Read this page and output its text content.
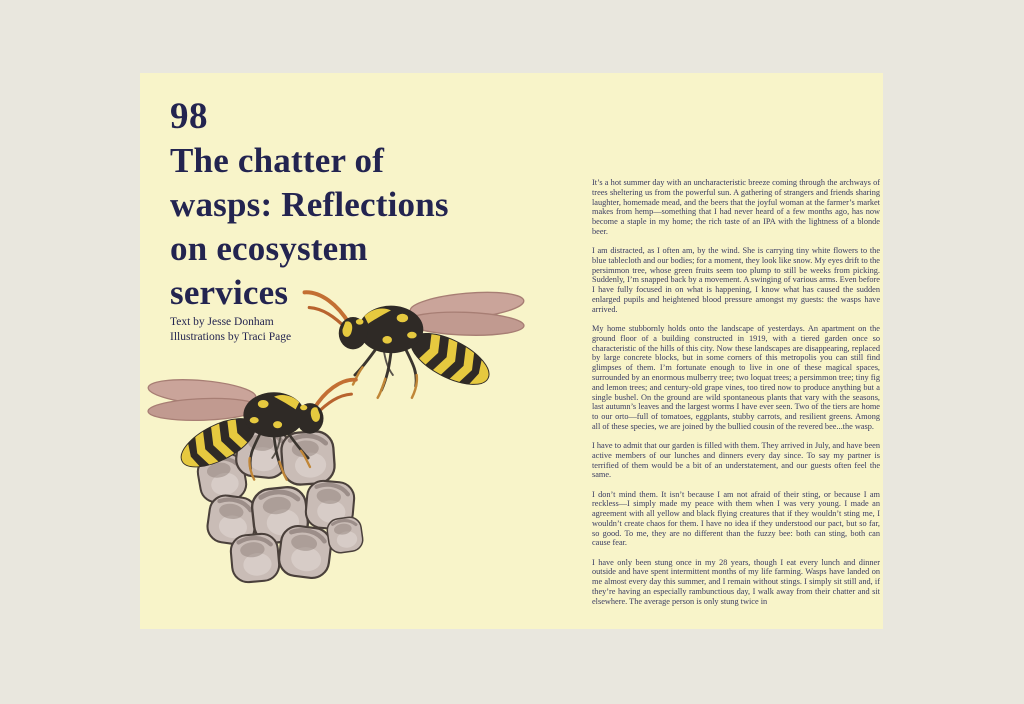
98
The chatter of
wasps: Reflections
on ecosystem
services
Text by Jesse Donham
Illustrations by Traci Page

It’s a hot summer day with an uncharacteristic breeze coming through the archways of trees sheltering us from the powerful sun. A gathering of strangers and friends sharing laughter, homemade mead, and the beers that the joyful woman at the farmer’s market makes from hemp—something that I had never heard of a few months ago, has now become a staple in my home; the rich taste of an IPA with the lightness of a blonde beer.

I am distracted, as I often am, by the wind. She is carrying tiny white flowers to the blue tablecloth and our bodies; for a moment, they look like snow. My eyes drift to the persimmon tree, whose green fruits seem too plump to still be weeks from picking. Suddenly, I’m snapped back by a movement. A swinging of various arms. Even before I have fully focused in on what is happening, I know what has caused the sudden enlarged pupils and heightened blood pressure amongst my guests: the wasps have arrived.

My home stubbornly holds onto the landscape of yesterdays. An apartment on the ground floor of a building constructed in 1919, with a tiered garden once so characteristic of the hills of this city. Now these landscapes are disappearing, replaced by large concrete blocks, but in some corners of this metropolis you can still find glimpses of them. I’m fortunate enough to live in one of these magical spaces, surrounded by an enormous mulberry tree; two loquat trees; a persimmon tree; tiny fig and lemon trees; and century-old grape vines, too tired now to produce anything but a single bushel. On the ground are wild spontaneous plants that vary with the seasons, last autumn’s leaves and the largest worms I have ever seen. Two of the tiers are home to our orto—full of tomatoes, eggplants, stubby carrots, and resilient greens. Among all of these species, we are joined by the bullied cousin of the revered bee...the wasp.

I have to admit that our garden is filled with them. They arrived in July, and have been active members of our lunches and dinners every day since. To say my partner is terrified of them would be a bit of an understatement, and our guests often feel the same.

I don’t mind them. It isn’t because I am not afraid of their sting, or because I am reckless—I simply made my peace with them when I was very young. I made an agreement with all yellow and black flying creatures that if they wouldn’t sting me, I wouldn’t create chaos for them. I have no idea if they understood our pact, but so far, so good. To me, they are no different than the fuzzy bee: both can sting, both can cause fear.

I have only been stung once in my 28 years, though I eat every lunch and dinner outside and have spent intermittent months of my life farming. Wasps have landed on me almost every day this summer, and I remain without stings. I simply sit still and, if they’re having an especially rambunctious day, I walk away from their chatter and sit elsewhere. The average person is only stung twice in
